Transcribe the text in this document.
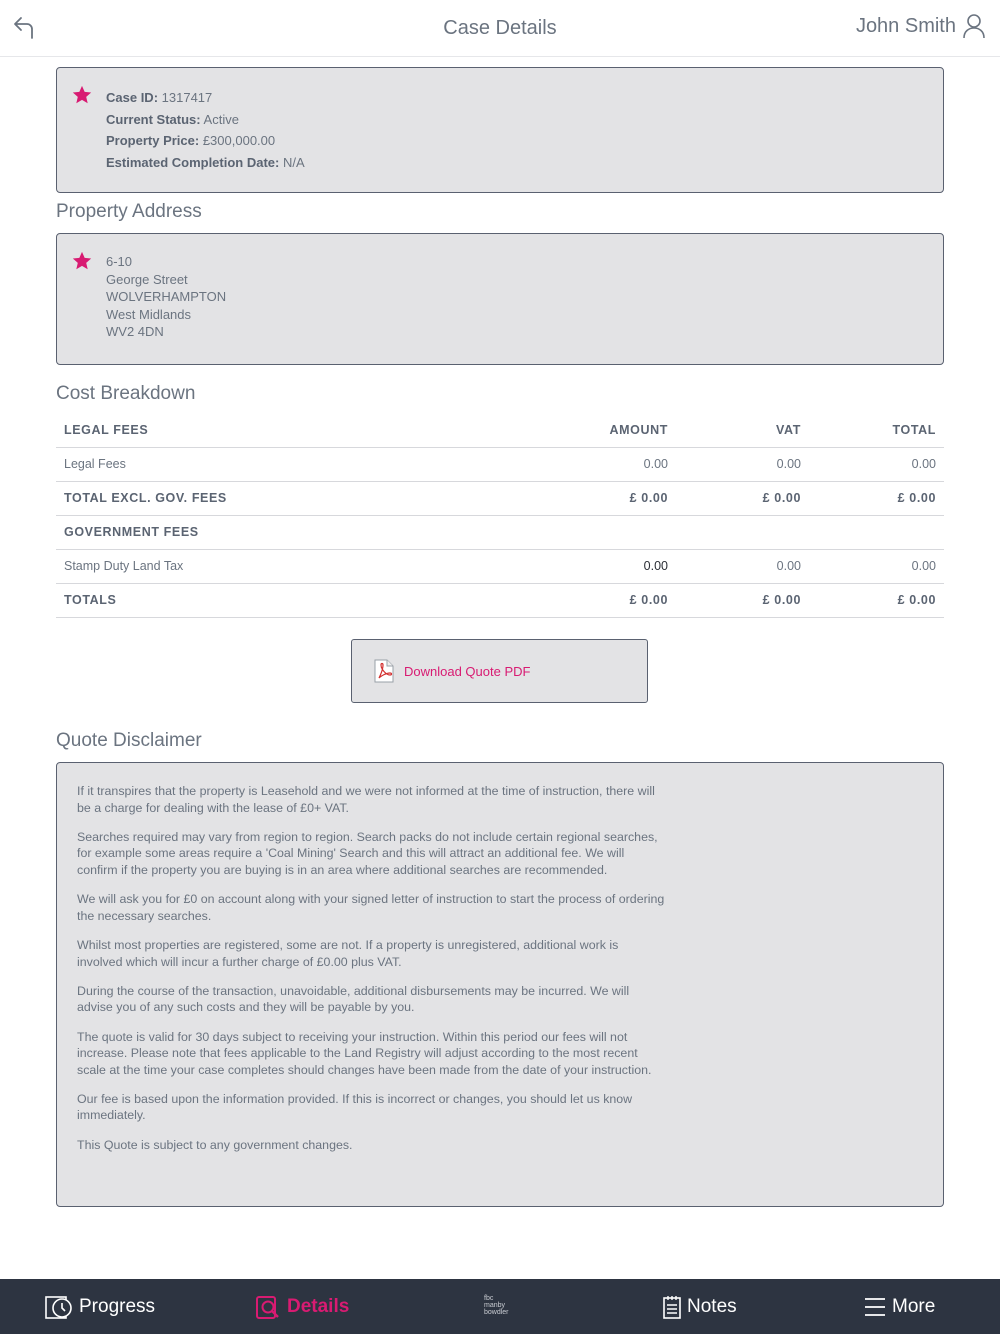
Case Details	John Smith
Case ID: 1317417
Current Status: Active
Property Price: £300,000.00
Estimated Completion Date: N/A
Property Address
6-10
George Street
WOLVERHAMPTON
West Midlands
WV2 4DN
Cost Breakdown
LEGAL FEES	AMOUNT	VAT	TOTAL
Legal Fees	0.00	0.00	0.00
TOTAL EXCL. GOV. FEES	£ 0.00	£ 0.00	£ 0.00
GOVERNMENT FEES			
Stamp Duty Land Tax	0.00	0.00	0.00
TOTALS	£ 0.00	£ 0.00	£ 0.00
Download Quote PDF
Quote Disclaimer

If it transpires that the property is Leasehold and we were not informed at the time of instruction, there will be a charge for dealing with the lease of £0+ VAT.

Searches required may vary from region to region. Search packs do not include certain regional searches, for example some areas require a 'Coal Mining' Search and this will attract an additional fee. We will confirm if the property you are buying is in an area where additional searches are recommended.

We will ask you for £0 on account along with your signed letter of instruction to start the process of ordering the necessary searches.

Whilst most properties are registered, some are not. If a property is unregistered, additional work is involved which will incur a further charge of £0.00 plus VAT.

During the course of the transaction, unavoidable, additional disbursements may be incurred. We will advise you of any such costs and they will be payable by you.

The quote is valid for 30 days subject to receiving your instruction. Within this period our fees will not increase. Please note that fees applicable to the Land Registry will adjust according to the most recent scale at the time your case completes should changes have been made from the date of your instruction.

Our fee is based upon the information provided. If this is incorrect or changes, you should let us know immediately.

This Quote is subject to any government changes.

Progress	Details	fbc
manby
bowdler	Notes	More
